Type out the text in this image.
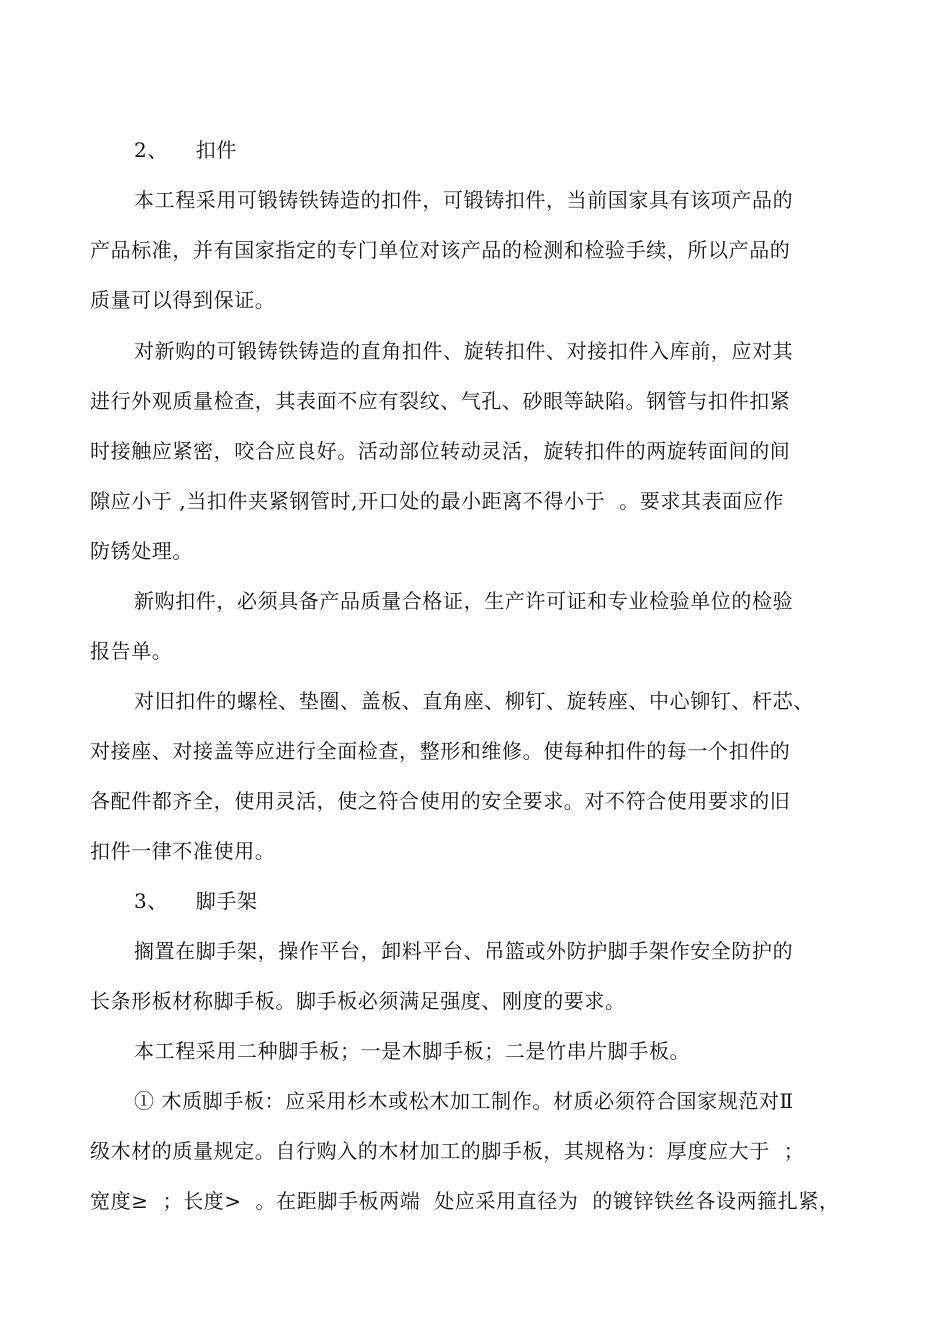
2、    扣件
本工程采用可锻铸铁铸造的扣件，可锻铸扣件，当前国家具有该项产品的
产品标准，并有国家指定的专门单位对该产品的检测和检验手续，所以产品的
质量可以得到保证。
对新购的可锻铸铁铸造的直角扣件、旋转扣件、对接扣件入库前，应对其
进行外观质量检查，其表面不应有裂纹、气孔、砂眼等缺陷。钢管与扣件扣紧
时接触应紧密，咬合应良好。活动部位转动灵活，旋转扣件的两旋转面间的间
隙应小于 ,当扣件夹紧钢管时,开口处的最小距离不得小于  。要求其表面应作
防锈处理。
新购扣件，必须具备产品质量合格证，生产许可证和专业检验单位的检验
报告单。
对旧扣件的螺栓、垫圈、盖板、直角座、柳钉、旋转座、中心铆钉、杆芯、
对接座、对接盖等应进行全面检查，整形和维修。使每种扣件的每一个扣件的
各配件都齐全，使用灵活，使之符合使用的安全要求。对不符合使用要求的旧
扣件一律不准使用。
3、    脚手架
搁置在脚手架，操作平台，卸料平台、吊篮或外防护脚手架作安全防护的
长条形板材称脚手板。脚手板必须满足强度、刚度的要求。
本工程采用二种脚手板；一是木脚手板；二是竹串片脚手板。
① 木质脚手板：应采用杉木或松木加工制作。材质必须符合国家规范对Ⅱ
级木材的质量规定。自行购入的木材加工的脚手板，其规格为：厚度应大于  ；
宽度≥  ；长度>  。在距脚手板两端  处应采用直径为  的镀锌铁丝各设两箍扎紧，
